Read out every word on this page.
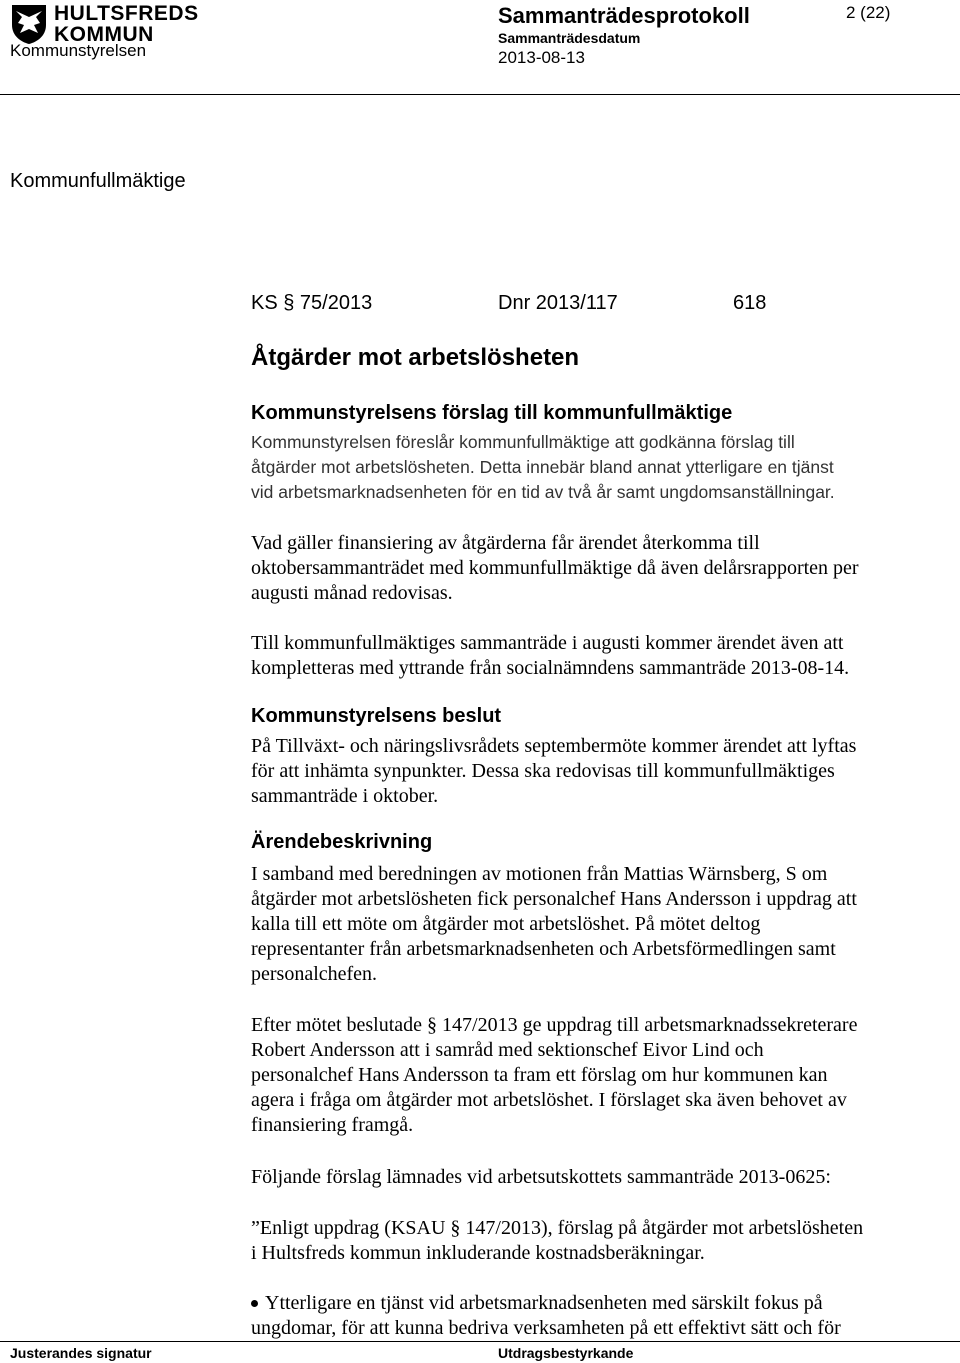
HULTSFREDS
KOMMUN
Kommunstyrelsen
Sammanträdesprotokoll
Sammanträdesdatum
2013-08-13
2 (22)
Kommunfullmäktige
KS § 75/2013	Dnr 2013/117	618
Åtgärder mot arbetslösheten
Kommunstyrelsens förslag till kommunfullmäktige
Kommunstyrelsen föreslår kommunfullmäktige att godkänna förslag till
åtgärder mot arbetslösheten. Detta innebär bland annat ytterligare en tjänst
vid arbetsmarknadsenheten för en tid av två år samt ungdomsanställningar.
Vad gäller finansiering av åtgärderna får ärendet återkomma till
oktobersammanträdet med kommunfullmäktige då även delårsrapporten per
augusti månad redovisas.
Till kommunfullmäktiges sammanträde i augusti kommer ärendet även att
kompletteras med yttrande från socialnämndens sammanträde 2013-08-14.
Kommunstyrelsens beslut
På Tillväxt- och näringslivsrådets septembermöte kommer ärendet att lyftas
för att inhämta synpunkter. Dessa ska redovisas till kommunfullmäktiges
sammanträde i oktober.
Ärendebeskrivning
I samband med beredningen av motionen från Mattias Wärnsberg, S om
åtgärder mot arbetslösheten fick personalchef Hans Andersson i uppdrag att
kalla till ett möte om åtgärder mot arbetslöshet. På mötet deltog
representanter från arbetsmarknadsenheten och Arbetsförmedlingen samt
personalchefen.
Efter mötet beslutade § 147/2013 ge uppdrag till arbetsmarknadssekreterare
Robert Andersson att i samråd med sektionschef Eivor Lind och
personalchef Hans Andersson ta fram ett förslag om hur kommunen kan
agera i fråga om åtgärder mot arbetslöshet. I förslaget ska även behovet av
finansiering framgå.
Följande förslag lämnades vid arbetsutskottets sammanträde 2013-0625:
”Enligt uppdrag (KSAU § 147/2013), förslag på åtgärder mot arbetslösheten
i Hultsfreds kommun inkluderande kostnadsberäkningar.
Ytterligare en tjänst vid arbetsmarknadsenheten med särskilt fokus på
ungdomar, för att kunna bedriva verksamheten på ett effektivt sätt och för
Justerandes signatur	Utdragsbestyrkande
